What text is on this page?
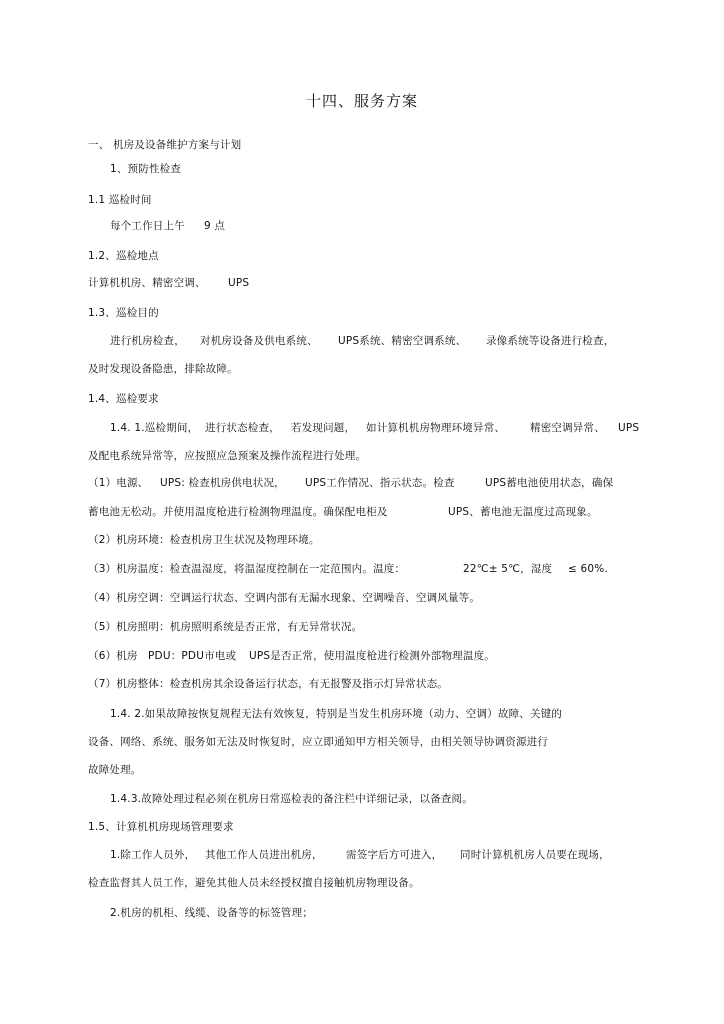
十四、服务方案
一、 机房及设备维护方案与计划
1、预防性检查
1.1 巡检时间
每个工作日上午 9 点
1.2、巡检地点
计算机机房、精密空调、 UPS
1.3、巡检目的
进行机房检查， 对机房设备及供电系统、 UPS系统、精密空调系统、 录像系统等设备进行检查，
及时发现设备隐患，排除故障。
1.4、巡检要求
1.4. 1.巡检期间， 进行状态检查， 若发现问题， 如计算机机房物理环境异常、 精密空调异常、 UPS
及配电系统异常等，应按照应急预案及操作流程进行处理。
（1）电源、 UPS: 检查机房供电状况， UPS工作情况、指示状态。检查	UPS蓄电池使用状态，确保
蓄电池无松动。并使用温度枪进行检测物理温度。确保配电柜及	UPS、 蓄电池无温度过高现象。
（2）机房环境：检查机房卫生状况及物理环境。
（3）机房温度：检查温湿度，将温湿度控制在一定范围内。温度：	22℃± 5℃，湿度 ≤ 60%.
（4）机房空调：空调运行状态、空调内部有无漏水现象、空调噪音、空调风量等。
（5）机房照明：机房照明系统是否正常，有无异常状况。
（6）机房 PDU：PDU市电或 UPS是否正常，使用温度枪进行检测外部物理温度。
（7）机房整体：检查机房其余设备运行状态，有无报警及指示灯异常状态。
1.4. 2.如果故障按恢复规程无法有效恢复，特别是当发生机房环境（动力、空调）故障、关键的
设备、网络、系统、服务如无法及时恢复时，应立即通知甲方相关领导，由相关领导协调资源进行
故障处理。
1.4.3.故障处理过程必须在机房日常巡检表的备注栏中详细记录，以备查阅。
1.5、计算机机房现场管理要求
1.除工作人员外， 其他工作人员进出机房， 需签字后方可进入， 同时计算机机房人员要在现场，
检查监督其人员工作，避免其他人员未经授权擅自接触机房物理设备。
2.机房的机柜、线缆、设备等的标签管理；
